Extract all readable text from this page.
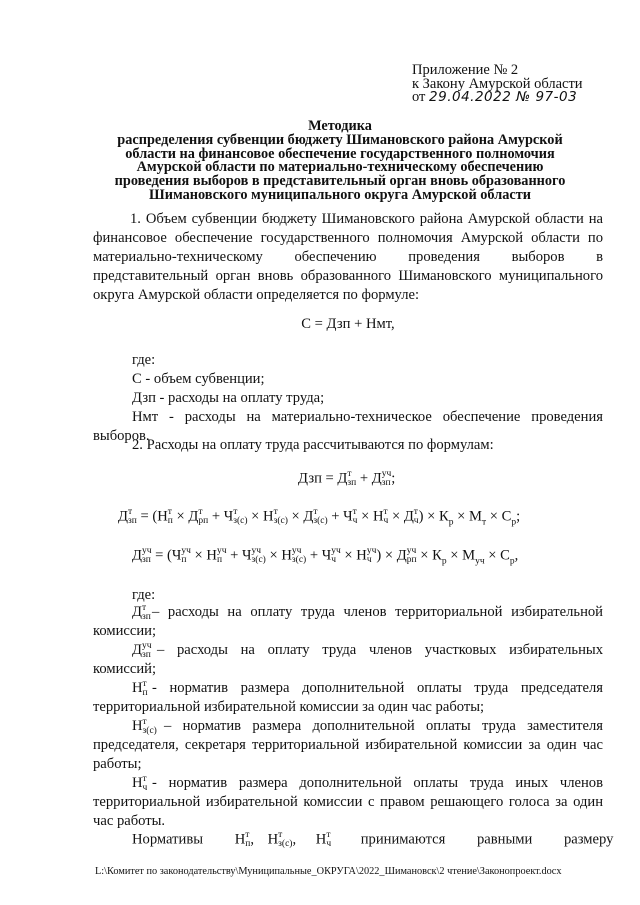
Приложение № 2
к Закону Амурской области
от 29.04.2022 № 97-03
Методика
распределения субвенции бюджету Шимановского района Амурской
области на финансовое обеспечение государственного полномочия
Амурской области по материально-техническому обеспечению
проведения выборов в представительный орган вновь образованного
Шимановского муниципального округа Амурской области
1. Объем субвенции бюджету Шимановского района Амурской области на финансовое обеспечение государственного полномочия Амурской области по материально-техническому обеспечению проведения выборов в представительный орган вновь образованного Шимановского муниципального округа Амурской области определяется по формуле:
С = Дзп + Нмт,
где:
С - объем субвенции;
Дзп - расходы на оплату труда;
Нмт - расходы на материально-техническое обеспечение проведения выборов.
2. Расходы на оплату труда рассчитываются по формулам:
Дзп = Д т
зп + Д уч
зп ;
Д т
зп = (Н т
п × Д т
рп + Ч т
з(с) × Н т
з(с) × Д т
з(с) + Ч т
ч × Н т
ч × Д т
ч ) × $К_р \times М_т \times С_р$;
Д уч
зп = (Ч уч
п × Н уч
п + Ч уч
з(с) × Н уч
з(с) + Ч уч
ч × Н уч
ч ) × Д уч
рп × $К_р \times М_{уч} \times С_р$,
где:
Д т
зп – расходы на оплату труда членов территориальной избирательной комиссии;
Д уч
зп – расходы на оплату труда членов участковых избирательных комиссий;
Н т
п - норматив размера дополнительной оплаты труда председателя территориальной избирательной комиссии за один час работы;
Н т
з(с) – норматив размера дополнительной оплаты труда заместителя председателя, секретаря территориальной избирательной комиссии за один час работы;
Н т
ч - норматив размера дополнительной оплаты труда иных членов территориальной избирательной комиссии с правом решающего голоса за один час работы.
Нормативы Н т
п , Н т
з(с) , Н т
ч принимаются равными размеру
L:\Комитет по законодательству\Муниципальные_ОКРУГА\2022_Шимановск\2 чтение\Законопроект.docx
